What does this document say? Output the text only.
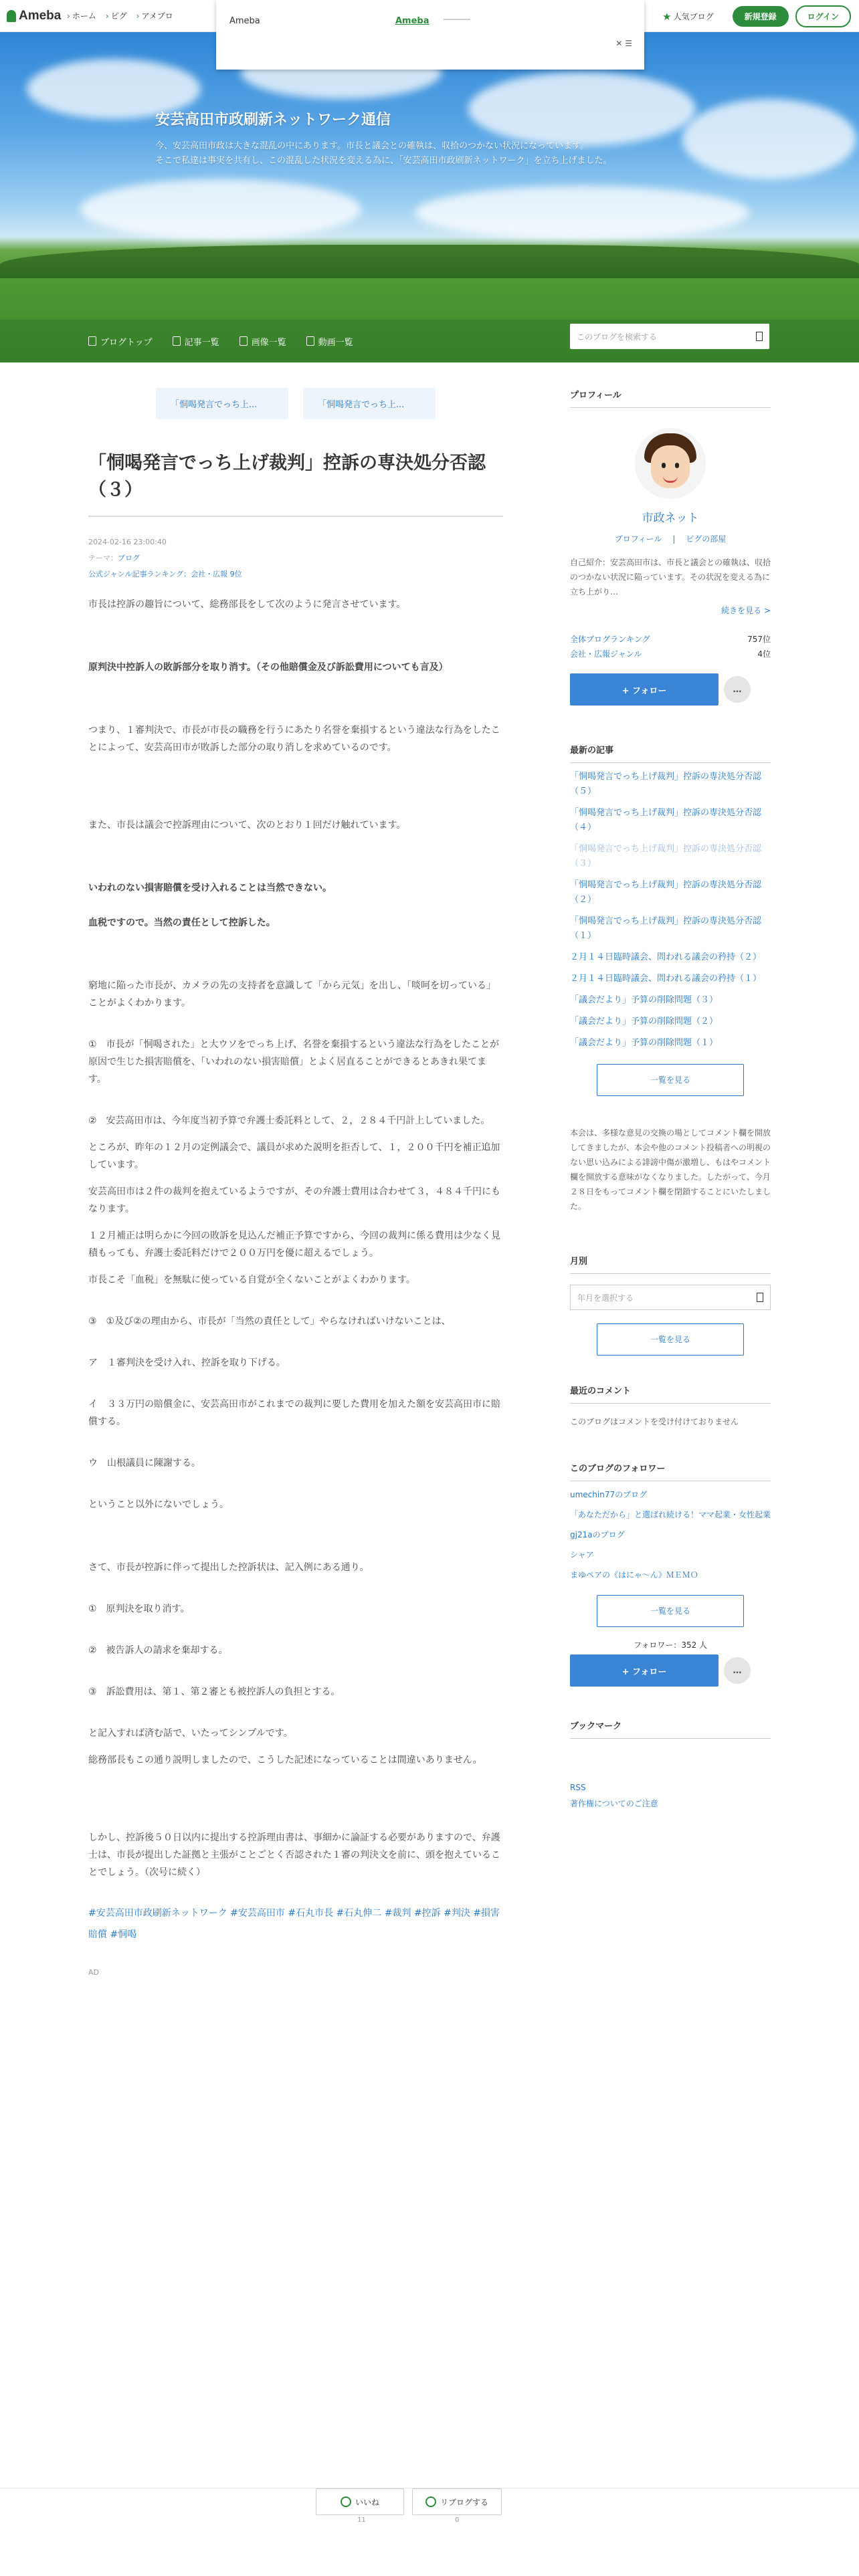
Ameba	› ホーム	› ピグ	› アメブロ	★ 人気ブログ	新規登録	ログイン
Ameba	Ameba
✕ ☰
安芸高田市政刷新ネットワーク通信
今、安芸高田市政は大きな混乱の中にあります。市長と議会との確執は、収拾のつかない状況になっています。
そこで私達は事実を共有し、この混乱した状況を変える為に、「安芸高田市政刷新ネットワーク」を立ち上げました。
ブログトップ	記事一覧	画像一覧	動画一覧
このブログを検索する
「恫喝発言でっち上...	「恫喝発言でっち上...
「恫喝発言でっち上げ裁判」控訴の専決処分否認（３）
2024-02-16 23:00:40
テーマ：ブログ
公式ジャンル記事ランキング：会社・広報 9位

市長は控訴の趣旨について、総務部長をして次のように発言させています。

原判決中控訴人の敗訴部分を取り消す。（その他賠償金及び訴訟費用についても言及）

つまり、１審判決で、市長が市長の職務を行うにあたり名誉を棄損するという違法な行為をしたことによって、安芸高田市が敗訴した部分の取り消しを求めているのです。

また、市長は議会で控訴理由について、次のとおり１回だけ触れています。

いわれのない損害賠償を受け入れることは当然できない。

血税ですので。当然の責任として控訴した。

窮地に陥った市長が、カメラの先の支持者を意識して「から元気」を出し、「啖呵を切っている」ことがよくわかります。

①　市長が「恫喝された」と大ウソをでっち上げ、名誉を棄損するという違法な行為をしたことが原因で生じた損害賠償を、「いわれのない損害賠償」とよく居直ることができるとあきれ果てます。

②　安芸高田市は、今年度当初予算で弁護士委託料として、２，２８４千円計上していました。

ところが、昨年の１２月の定例議会で、議員が求めた説明を拒否して、１，２００千円を補正追加しています。

安芸高田市は２件の裁判を抱えているようですが、その弁護士費用は合わせて３，４８４千円にもなります。

１２月補正は明らかに今回の敗訴を見込んだ補正予算ですから、今回の裁判に係る費用は少なく見積もっても、弁護士委託料だけで２００万円を優に超えるでしょう。

市長こそ「血税」を無駄に使っている自覚が全くないことがよくわかります。

③　①及び②の理由から、市長が「当然の責任として」やらなければいけないことは、

ア　１審判決を受け入れ、控訴を取り下げる。

イ　３３万円の賠償金に、安芸高田市がこれまでの裁判に要した費用を加えた額を安芸高田市に賠償する。

ウ　山根議員に陳謝する。

ということ以外にないでしょう。

さて、市長が控訴に伴って提出した控訴状は、記入例にある通り。

①　原判決を取り消す。

②　被告訴人の請求を棄却する。

③　訴訟費用は、第１、第２審とも被控訴人の負担とする。

と記入すれば済む話で、いたってシンプルです。

総務部長もこの通り説明しましたので、こうした記述になっていることは間違いありません。

しかし、控訴後５０日以内に提出する控訴理由書は、事細かに論証する必要がありますので、弁護士は、市長が提出した証拠と主張がことごとく否認された１審の判決文を前に、頭を抱えていることでしょう。（次号に続く）

#安芸高田市政刷新ネットワーク #安芸高田市 #石丸市長 #石丸伸二 #裁判 #控訴 #判決 #損害賠償 #恫喝
AD
プロフィール
市政ネット
プロフィール 　|　 ピグの部屋
自己紹介：安芸高田市は、市長と議会との確執は、収拾のつかない状況に陥っています。その状況を変える為に立ち上がり…
続きを見る >
全体ブログランキング	757位
会社・広報ジャンル	4位
+ フォロー	…
最新の記事
「恫喝発言でっち上げ裁判」控訴の専決処分否認（５）
「恫喝発言でっち上げ裁判」控訴の専決処分否認（４）
「恫喝発言でっち上げ裁判」控訴の専決処分否認（３）
「恫喝発言でっち上げ裁判」控訴の専決処分否認（２）
「恫喝発言でっち上げ裁判」控訴の専決処分否認（１）
２月１４日臨時議会、問われる議会の矜持（２）
２月１４日臨時議会、問われる議会の矜持（１）
「議会だより」予算の削除問題（３）
「議会だより」予算の削除問題（２）
「議会だより」予算の削除問題（１）
一覧を見る
本会は、多様な意見の交換の場としてコメント欄を開放してきましたが、本会や他のコメント投稿者への明視のない思い込みによる誹謗中傷が激増し、もはやコメント欄を開放する意味がなくなりました。したがって、今月２８日をもってコメント欄を閉鎖することにいたしました。
月別
年月を選択する
一覧を見る
最近のコメント
このブログはコメントを受け付けておりません
このブログのフォロワー
umechin77のブログ
「あなただから」と選ばれ続ける！ママ起業・女性起業
gj21aのブログ
シャア
まゆペアの《はにゃ～ん》ＭＥＭＯ
一覧を見る
フォロワー：352 人
+ フォロー	…
ブックマーク
RSS
著作権についてのご注意
いいね
11
リブログする
0
